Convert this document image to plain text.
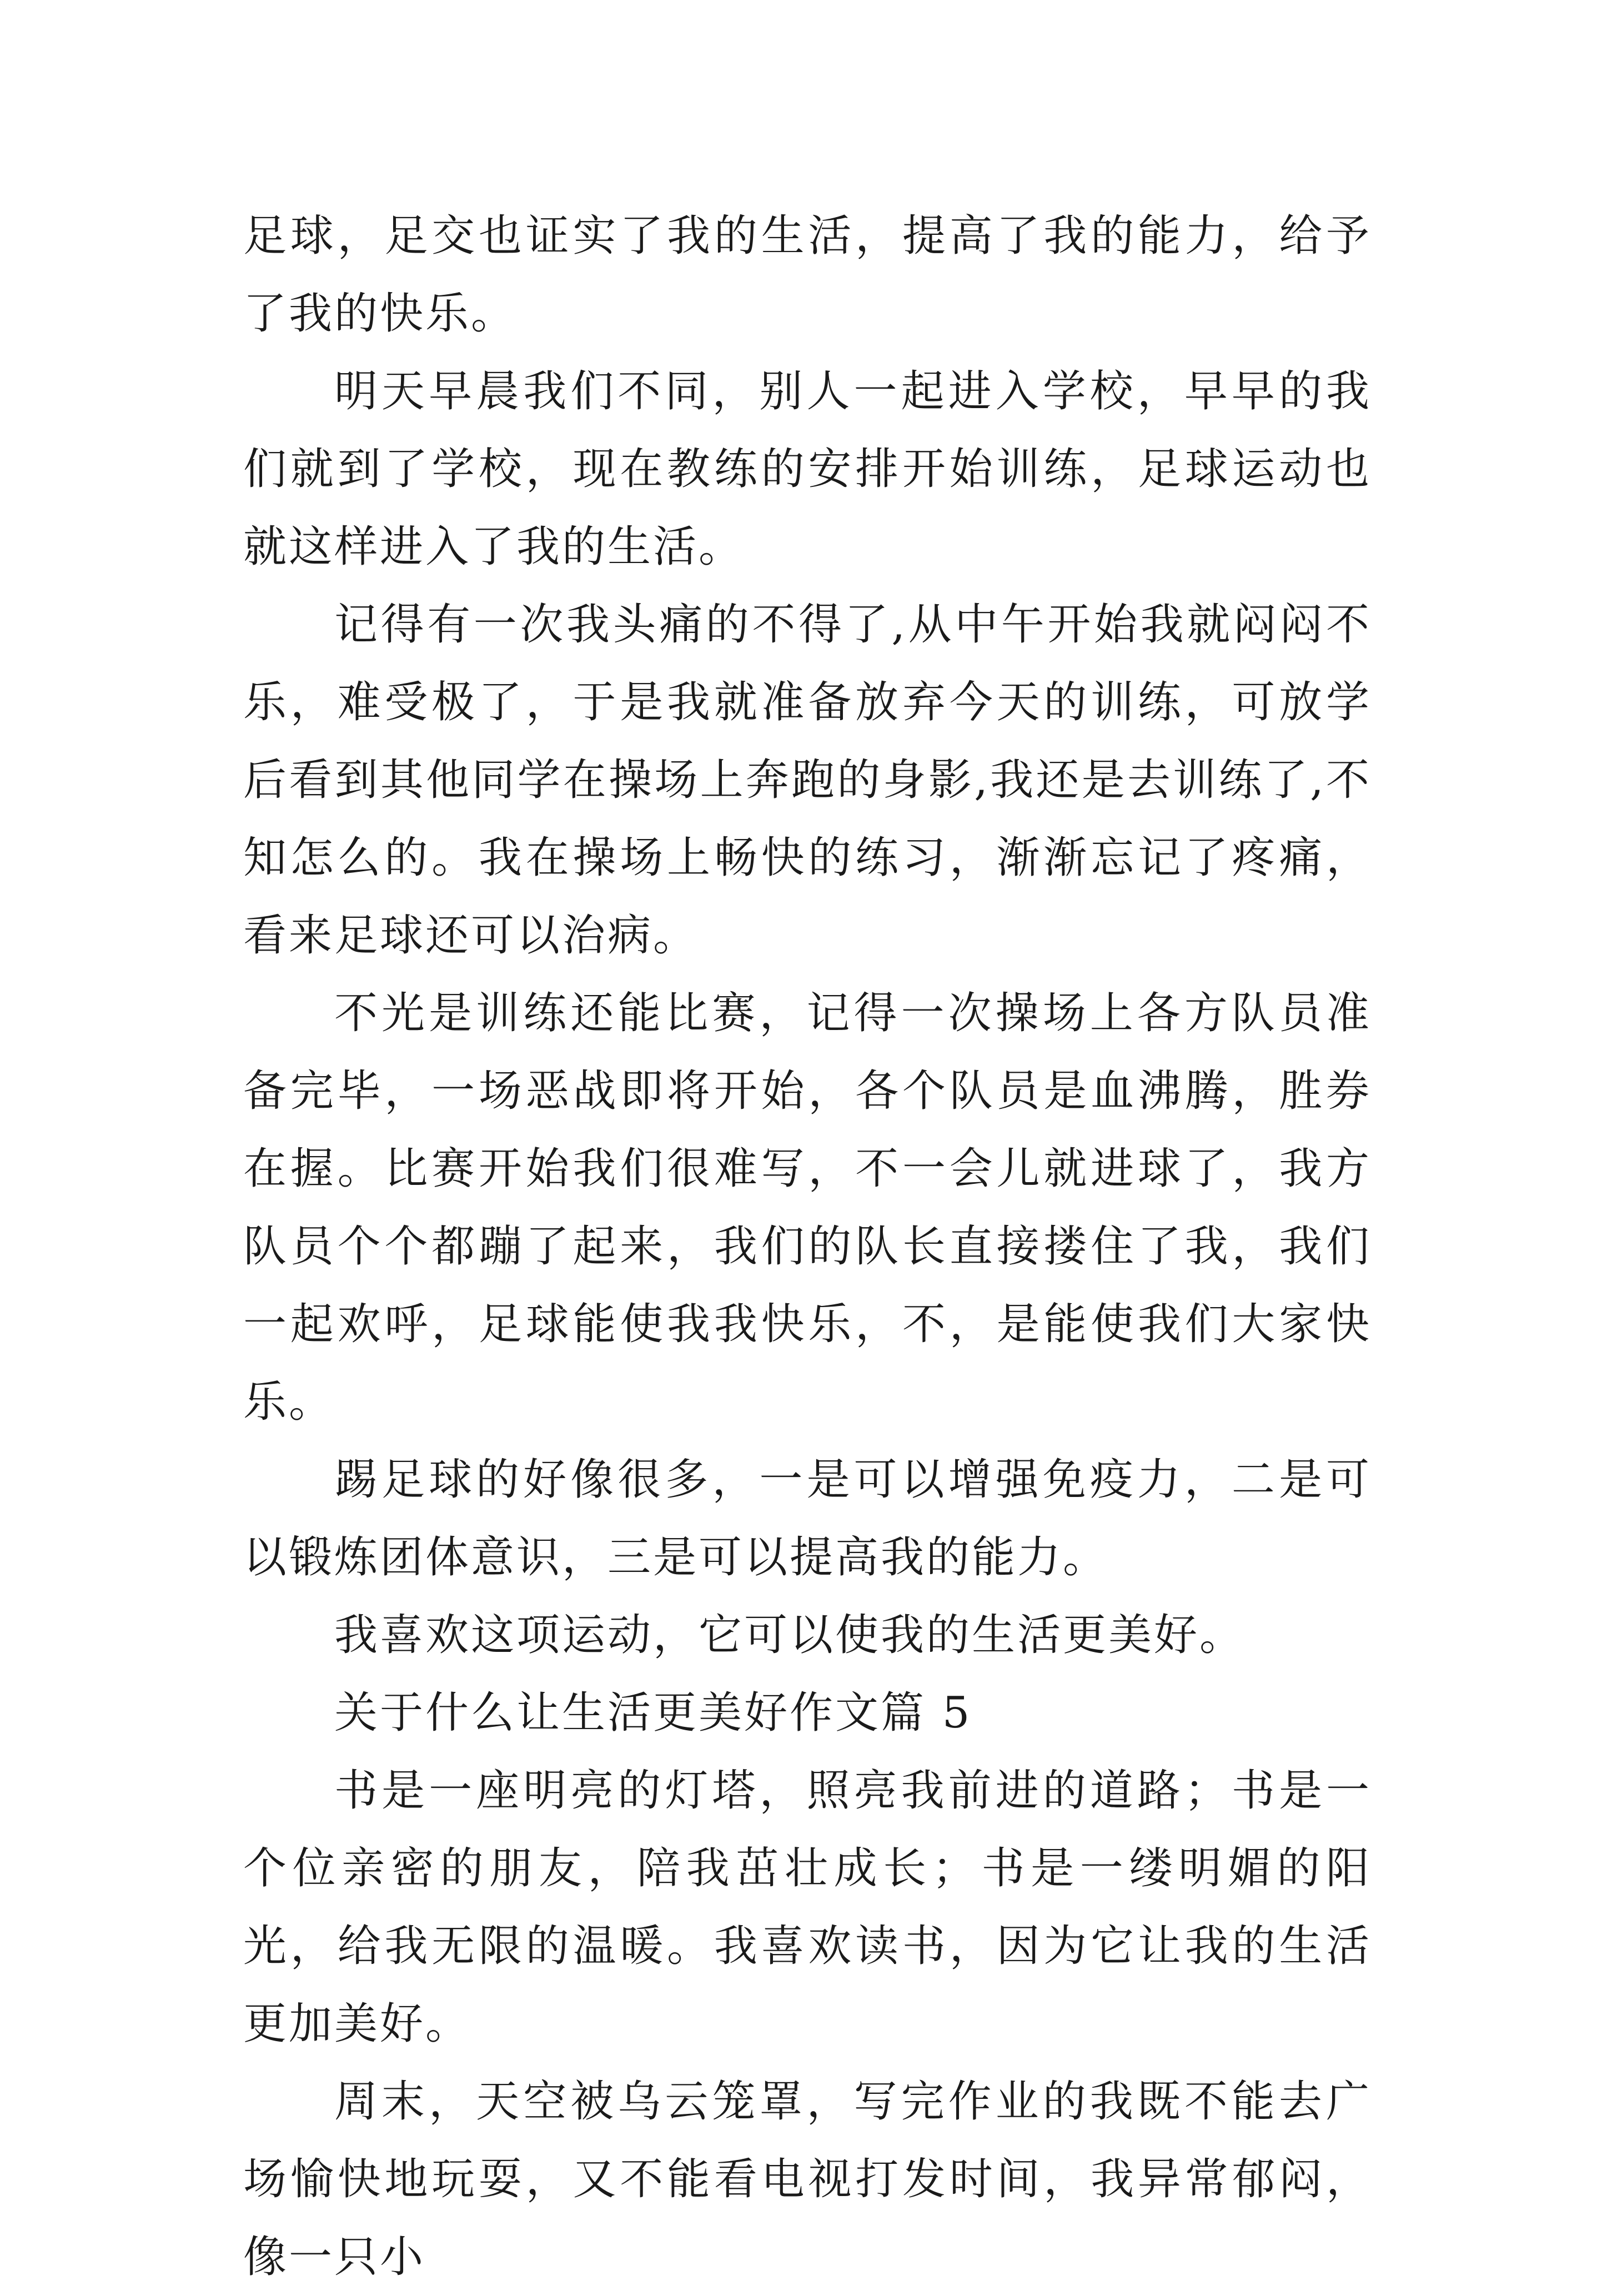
足球，足交也证实了我的生活，提高了我的能力，给予了我的快乐。

明天早晨我们不同，别人一起进入学校，早早的我们就到了学校，现在教练的安排开始训练，足球运动也就这样进入了我的生活。

记得有一次我头痛的不得了,从中午开始我就闷闷不乐，难受极了，于是我就准备放弃今天的训练，可放学后看到其他同学在操场上奔跑的身影,我还是去训练了,不知怎么的。我在操场上畅快的练习，渐渐忘记了疼痛，看来足球还可以治病。

不光是训练还能比赛，记得一次操场上各方队员准备完毕，一场恶战即将开始，各个队员是血沸腾，胜券在握。比赛开始我们很难写，不一会儿就进球了，我方队员个个都蹦了起来，我们的队长直接搂住了我，我们一起欢呼，足球能使我我快乐，不，是能使我们大家快乐。

踢足球的好像很多，一是可以增强免疫力，二是可以锻炼团体意识，三是可以提高我的能力。

我喜欢这项运动，它可以使我的生活更美好。

关于什么让生活更美好作文篇 5

书是一座明亮的灯塔，照亮我前进的道路；书是一个位亲密的朋友，陪我茁壮成长；书是一缕明媚的阳光，给我无限的温暖。我喜欢读书，因为它让我的生活更加美好。

周末，天空被乌云笼罩，写完作业的我既不能去广场愉快地玩耍，又不能看电视打发时间，我异常郁闷，像一只小
